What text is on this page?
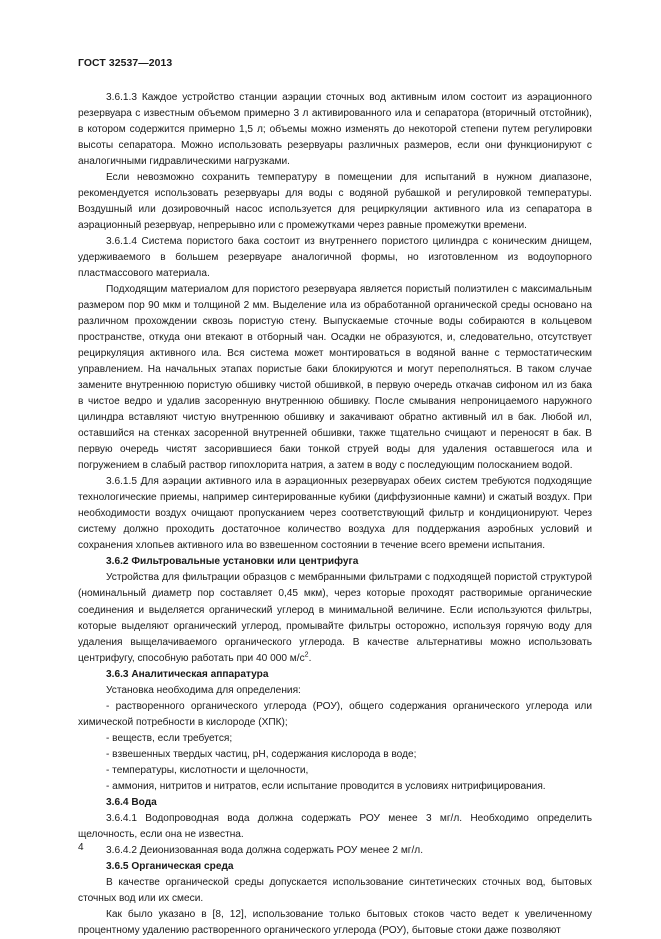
ГОСТ 32537—2013

3.6.1.3 Каждое устройство станции аэрации сточных вод активным илом состоит из аэрационного резервуара с известным объемом примерно 3 л активированного ила и сепаратора (вторичный отстойник), в котором содержится примерно 1,5 л; объемы можно изменять до некоторой степени путем регулировки высоты сепаратора. Можно использовать резервуары различных размеров, если они функционируют с аналогичными гидравлическими нагрузками.

Если невозможно сохранить температуру в помещении для испытаний в нужном диапазоне, рекомендуется использовать резервуары для воды с водяной рубашкой и регулировкой температуры. Воздушный или дозировочный насос используется для рециркуляции активного ила из сепаратора в аэрационный резервуар, непрерывно или с промежутками через равные промежутки времени.

3.6.1.4 Система пористого бака состоит из внутреннего пористого цилиндра с коническим днищем, удерживаемого в большем резервуаре аналогичной формы, но изготовленном из водоупорного пластмассового материала.

Подходящим материалом для пористого резервуара является пористый полиэтилен с максимальным размером пор 90 мкм и толщиной 2 мм. Выделение ила из обработанной органической среды основано на различном прохождении сквозь пористую стену. Выпускаемые сточные воды собираются в кольцевом пространстве, откуда они втекают в отборный чан. Осадки не образуются, и, следовательно, отсутствует рециркуляция активного ила. Вся система может монтироваться в водяной ванне с термостатическим управлением. На начальных этапах пористые баки блокируются и могут переполняться. В таком случае замените внутреннюю пористую обшивку чистой обшивкой, в первую очередь откачав сифоном ил из бака в чистое ведро и удалив засоренную внутреннюю обшивку. После смывания непроницаемого наружного цилиндра вставляют чистую внутреннюю обшивку и закачивают обратно активный ил в бак. Любой ил, оставшийся на стенках засоренной внутренней обшивки, также тщательно счищают и переносят в бак. В первую очередь чистят засорившиеся баки тонкой струей воды для удаления оставшегося ила и погружением в слабый раствор гипохлорита натрия, а затем в воду с последующим полосканием водой.

3.6.1.5 Для аэрации активного ила в аэрационных резервуарах обеих систем требуются подходящие технологические приемы, например синтерированные кубики (диффузионные камни) и сжатый воздух. При необходимости воздух очищают пропусканием через соответствующий фильтр и кондиционируют. Через систему должно проходить достаточное количество воздуха для поддержания аэробных условий и сохранения хлопьев активного ила во взвешенном состоянии в течение всего времени испытания.

3.6.2 Фильтровальные установки или центрифуга

Устройства для фильтрации образцов с мембранными фильтрами с подходящей пористой структурой (номинальный диаметр пор составляет 0,45 мкм), через которые проходят растворимые органические соединения и выделяется органический углерод в минимальной величине. Если используются фильтры, которые выделяют органический углерод, промывайте фильтры осторожно, используя горячую воду для удаления выщелачиваемого органического углерода. В качестве альтернативы можно использовать центрифугу, способную работать при 40 000 $м/с^2$.

3.6.3 Аналитическая аппаратура

Установка необходима для определения:

- растворенного органического углерода (РОУ), общего содержания органического углерода или химической потребности в кислороде (ХПК);

- веществ, если требуется;

- взвешенных твердых частиц, pH, содержания кислорода в воде;

- температуры, кислотности и щелочности,

- аммония, нитритов и нитратов, если испытание проводится в условиях нитрифицирования.

3.6.4 Вода

3.6.4.1 Водопроводная вода должна содержать РОУ менее 3 мг/л. Необходимо определить щелочность, если она не известна.

3.6.4.2 Деионизованная вода должна содержать РОУ менее 2 мг/л.

3.6.5 Органическая среда

В качестве органической среды допускается использование синтетических сточных вод, бытовых сточных вод или их смеси.

Как было указано в [8, 12], использование только бытовых стоков часто ведет к увеличенному процентному удалению растворенного органического углерода (РОУ), бытовые стоки даже позволяют

4
